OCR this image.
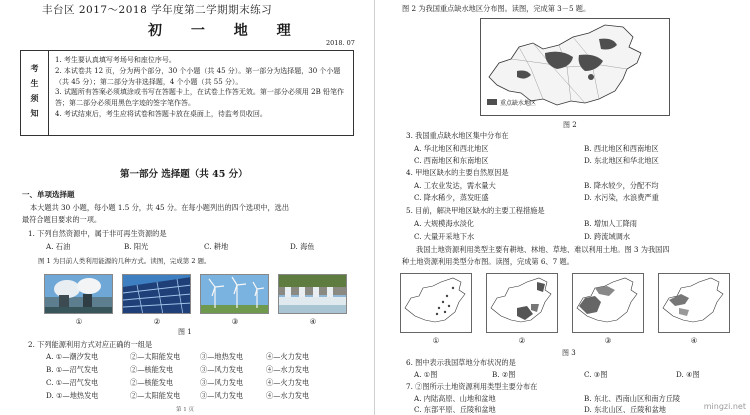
丰台区 2017～2018 学年度第二学期期末练习
初 一 地 理
2018. 07
考
生
须
知
1. 考生要认真填写考场号和座位序号。
2. 本试卷共 12 页，分为两个部分，30 个小题（共 45 分）。第一部分为选择题，30 个小题（共 45 分）；第二部分为非选择题，4 个小题（共 55 分）。
3. 试题所有答案必须填涂或书写在答题卡上，在试卷上作答无效。第一部分必须用 2B 铅笔作答；第二部分必须用黑色字迹的签字笔作答。
4. 考试结束后，考生应将试卷和答题卡放在桌面上，待监考员收回。
第一部分 选择题（共 45 分）
一、单项选择题
本大题共 30 小题，每小题 1.5 分，共 45 分。在每小题列出的四个选项中，选出
最符合题目要求的一项。
1. 下列自然资源中，属于非可再生资源的是
A. 石油	B. 阳光	C. 耕地	D. 海鱼
图 1 为目前人类利用能源的几种方式。读图，完成第 2 题。
①	②	③	④
图 1
2. 下列能源利用方式对应正确的一组是
A. ①—潮汐发电	②—太阳能发电	③—地热发电	④—火力发电
B. ①—沼气发电	②—核能发电	③—风力发电	④—水力发电
C. ①—沼气发电	②—核能发电	③—风力发电	④—火力发电
D. ①—地热发电	②—太阳能发电	③—风力发电	④—水力发电
第 1 页
图 2 为我国重点缺水地区分布图。读图，完成第 3－5 题。
重点缺水地区
图 2
3. 我国重点缺水地区集中分布在
A. 华北地区和西北地区	B. 西北地区和西南地区
C. 西南地区和东南地区	D. 东北地区和华北地区
4. 甲地区缺水的主要自然原因是
A. 工农业发达，需水量大	B. 降水较少，分配不均
C. 降水稀少，蒸发旺盛	D. 水污染，水浪费严重
5. 目前，解决甲地区缺水的主要工程措施是
A. 大规模海水淡化	B. 增加人工降雨
C. 大量开采地下水	D. 跨流域调水
我国土地资源利用类型主要有耕地、林地、草地、难以利用土地。图 3 为我国四
种土地资源利用类型分布图。读图，完成第 6、7 题。
①	②	③	④
图 3
6. 图中表示我国草地分布状况的是
A. ①图	B. ②图	C. ③图	D. ④图
7. ②图所示土地资源利用类型主要分布在
A. 内陆高原、山地和盆地	B. 东北、西南山区和南方丘陵
C. 东部平原、丘陵和盆地	D. 东北山区、丘陵和盆地	mingzi.net
